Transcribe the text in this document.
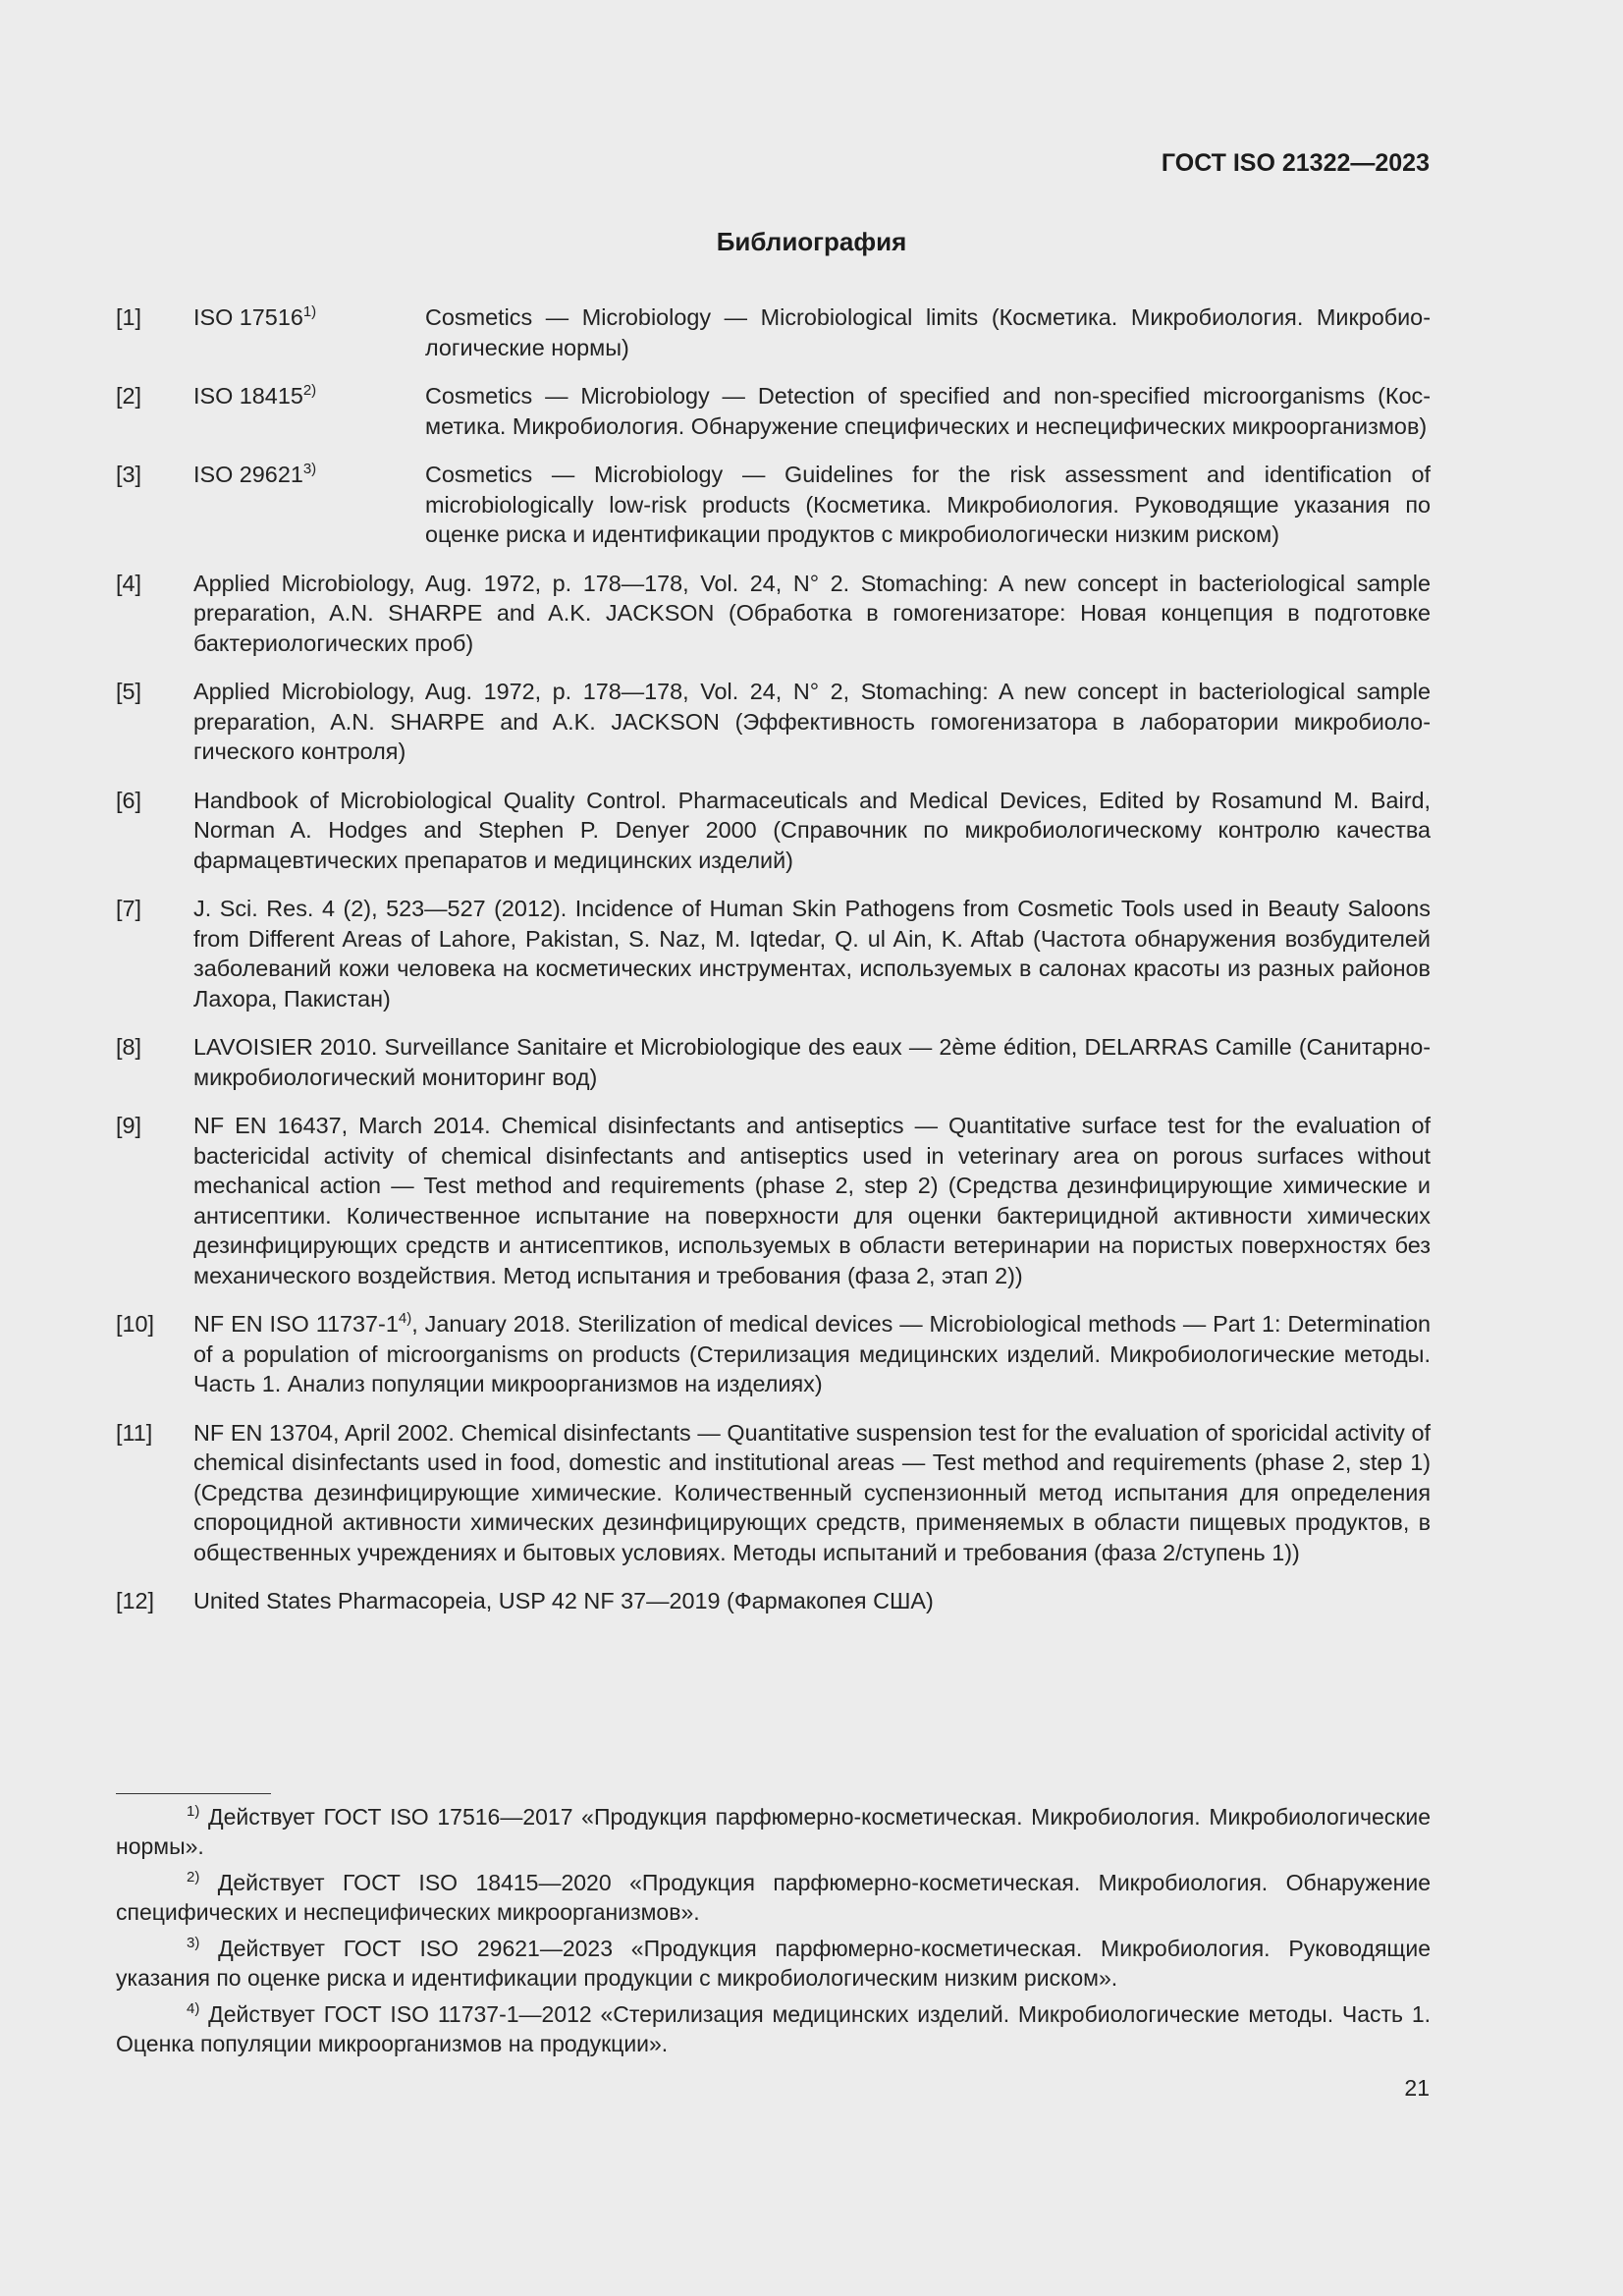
ГОСТ ISO 21322—2023
Библиография
[1] ISO 17516$^{1)}$	Cosmetics — Microbiology — Microbiological limits (Косметика. Микробиология. Микробиологические нормы)
[2] ISO 18415$^{2)}$	Cosmetics — Microbiology — Detection of specified and non-specified microorganisms (Косметика. Микробиология. Обнаружение специфических и неспецифических микроорганизмов)
[3] ISO 29621$^{3)}$	Cosmetics — Microbiology — Guidelines for the risk assessment and identification of microbiologically low-risk products (Косметика. Микробиология. Руководящие указания по оценке риска и идентификации продуктов с микробиологически низким риском)
[4] Applied Microbiology, Aug. 1972, p. 178—178, Vol. 24, N° 2. Stomaching: A new concept in bacteriological sample preparation, A.N. SHARPE and A.K. JACKSON (Обработка в гомогенизаторе: Новая концепция в подготовке бактериологических проб)
[5] Applied Microbiology, Aug. 1972, p. 178—178, Vol. 24, N° 2, Stomaching: A new concept in bacteriological sample preparation, A.N. SHARPE and A.K. JACKSON (Эффективность гомогенизатора в лаборатории микробиологического контроля)
[6] Handbook of Microbiological Quality Control. Pharmaceuticals and Medical Devices, Edited by Rosamund M. Baird, Norman A. Hodges and Stephen P. Denyer 2000 (Справочник по микробиологическому контролю качества фармацевтических препаратов и медицинских изделий)
[7] J. Sci. Res. 4 (2), 523—527 (2012). Incidence of Human Skin Pathogens from Cosmetic Tools used in Beauty Saloons from Different Areas of Lahore, Pakistan, S. Naz, M. Iqtedar, Q. ul Ain, K. Aftab (Частота обнаружения возбудителей заболеваний кожи человека на косметических инструментах, используемых в салонах красоты из разных районов Лахора, Пакистан)
[8] LAVOISIER 2010. Surveillance Sanitaire et Microbiologique des eaux — 2ème édition, DELARRAS Camille (Санитарно-микробиологический мониторинг вод)
[9] NF EN 16437, March 2014. Chemical disinfectants and antiseptics — Quantitative surface test for the evaluation of bactericidal activity of chemical disinfectants and antiseptics used in veterinary area on porous surfaces without mechanical action — Test method and requirements (phase 2, step 2) (Средства дезинфицирующие химические и антисептики. Количественное испытание на поверхности для оценки бактерицидной активности химических дезинфицирующих средств и антисептиков, используемых в области ветеринарии на пористых поверхностях без механического воздействия. Метод испытания и требования (фаза 2, этап 2))
[10] NF EN ISO 11737-1$^{4)}$, January 2018. Sterilization of medical devices — Microbiological methods — Part 1: Determination of a population of microorganisms on products (Стерилизация медицинских изделий. Микробиологические методы. Часть 1. Анализ популяции микроорганизмов на изделиях)
[11] NF EN 13704, April 2002. Chemical disinfectants — Quantitative suspension test for the evaluation of sporicidal activity of chemical disinfectants used in food, domestic and institutional areas — Test method and requirements (phase 2, step 1) (Средства дезинфицирующие химические. Количественный суспензионный метод испытания для определения спороцидной активности химических дезинфицирующих средств, применяемых в области пищевых продуктов, в общественных учреждениях и бытовых условиях. Методы испытаний и требования (фаза 2/ступень 1))
[12] United States Pharmacopeia, USP 42 NF 37—2019 (Фармакопея США)
$^{1)}$ Действует ГОСТ ISO 17516—2017 «Продукция парфюмерно-косметическая. Микробиология. Микробиологические нормы».
$^{2)}$ Действует ГОСТ ISO 18415—2020 «Продукция парфюмерно-косметическая. Микробиология. Обнаружение специфических и неспецифических микроорганизмов».
$^{3)}$ Действует ГОСТ ISO 29621—2023 «Продукция парфюмерно-косметическая. Микробиология. Руководящие указания по оценке риска и идентификации продукции с микробиологическим низким риском».
$^{4)}$ Действует ГОСТ ISO 11737-1—2012 «Стерилизация медицинских изделий. Микробиологические методы. Часть 1. Оценка популяции микроорганизмов на продукции».
21
